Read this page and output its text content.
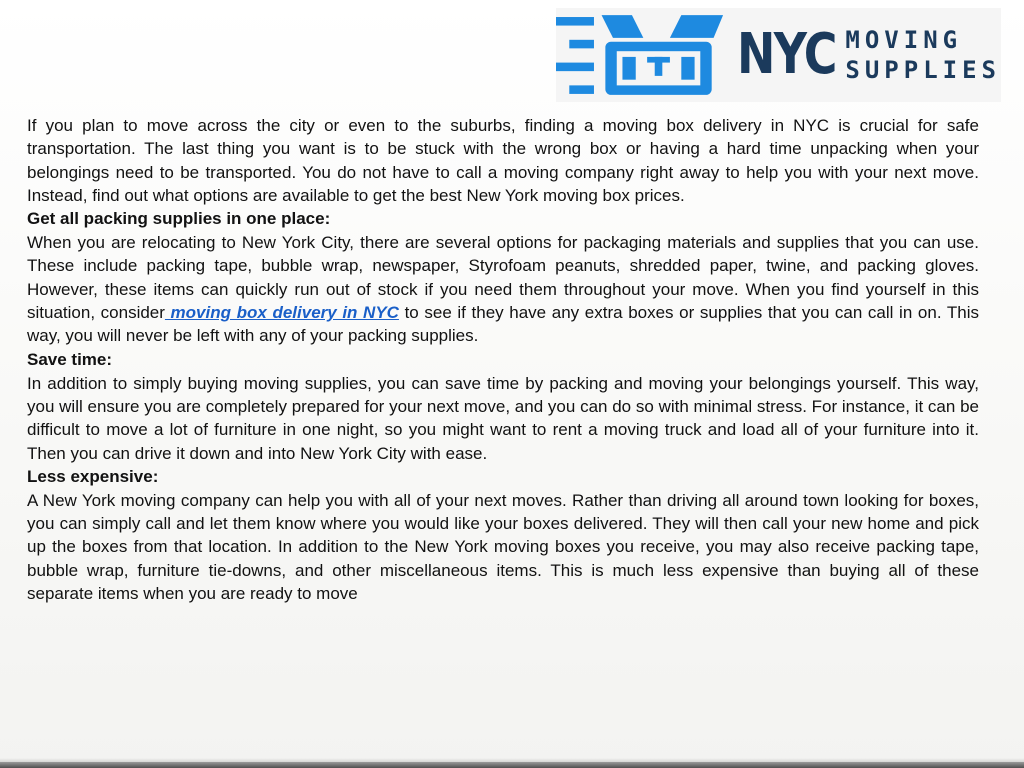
NYC MOVING
SUPPLIES

If you plan to move across the city or even to the suburbs, finding a moving box delivery in NYC is crucial for safe transportation. The last thing you want is to be stuck with the wrong box or having a hard time unpacking when your belongings need to be transported. You do not have to call a moving company right away to help you with your next move. Instead, find out what options are available to get the best New York moving box prices.

Get all packing supplies in one place:

When you are relocating to New York City, there are several options for packaging materials and supplies that you can use. These include packing tape, bubble wrap, newspaper, Styrofoam peanuts, shredded paper, twine, and packing gloves. However, these items can quickly run out of stock if you need them throughout your move. When you find yourself in this situation, consider moving box delivery in NYC to see if they have any extra boxes or supplies that you can call in on. This way, you will never be left with any of your packing supplies.

Save time:

In addition to simply buying moving supplies, you can save time by packing and moving your belongings yourself. This way, you will ensure you are completely prepared for your next move, and you can do so with minimal stress. For instance, it can be difficult to move a lot of furniture in one night, so you might want to rent a moving truck and load all of your furniture into it. Then you can drive it down and into New York City with ease.

Less expensive:

A New York moving company can help you with all of your next moves. Rather than driving all around town looking for boxes, you can simply call and let them know where you would like your boxes delivered. They will then call your new home and pick up the boxes from that location. In addition to the New York moving boxes you receive, you may also receive packing tape, bubble wrap, furniture tie-downs, and other miscellaneous items. This is much less expensive than buying all of these separate items when you are ready to move
